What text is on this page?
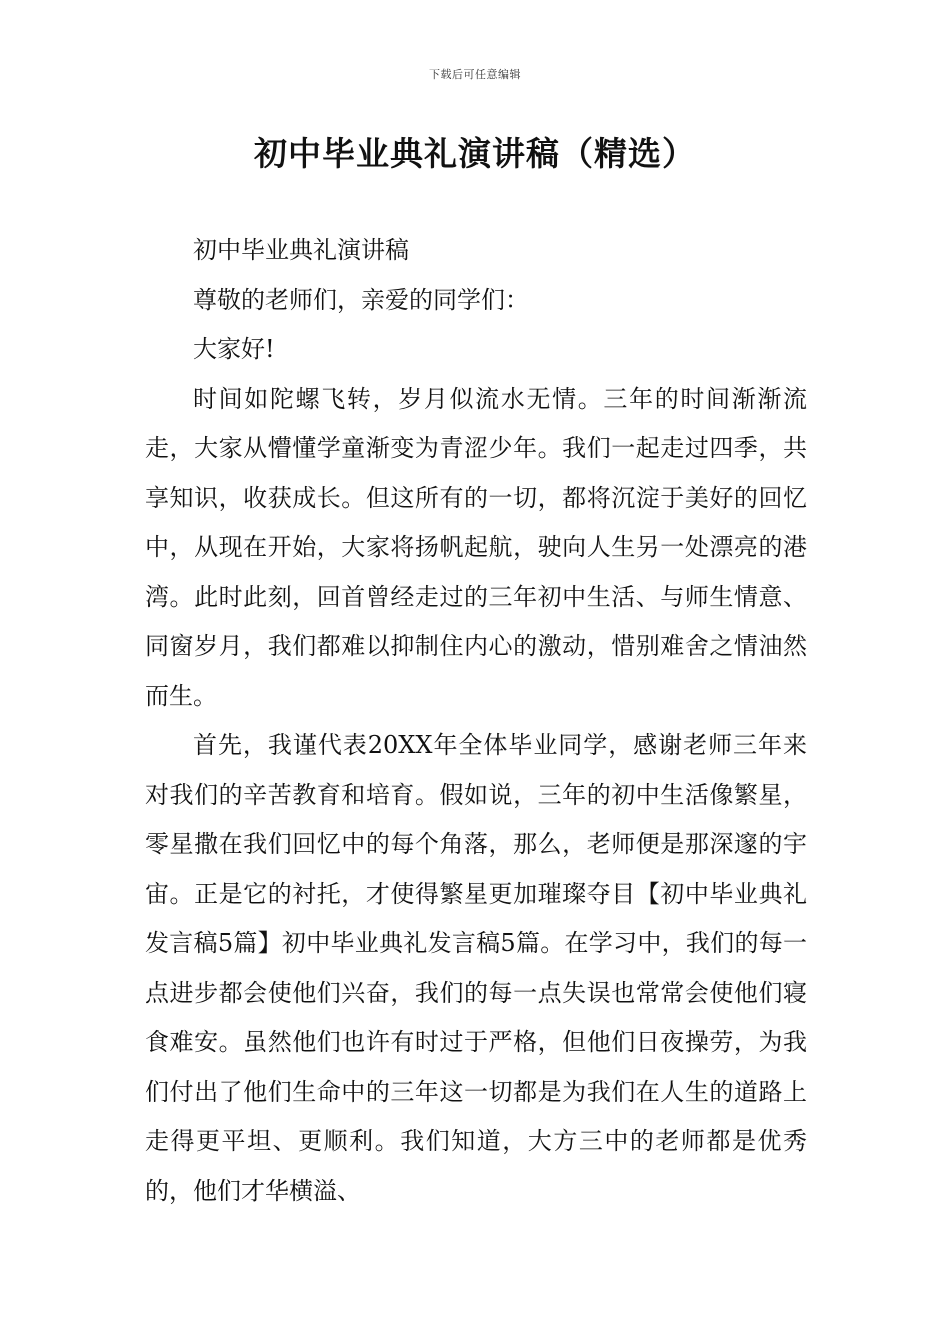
下载后可任意编辑
初中毕业典礼演讲稿（精选）

初中毕业典礼演讲稿

尊敬的老师们，亲爱的同学们：

大家好!

时间如陀螺飞转，岁月似流水无情。三年的时间渐渐流走，大家从懵懂学童渐变为青涩少年。我们一起走过四季，共享知识，收获成长。但这所有的一切，都将沉淀于美好的回忆中，从现在开始，大家将扬帆起航，驶向人生另一处漂亮的港湾。此时此刻，回首曾经走过的三年初中生活、与师生情意、同窗岁月，我们都难以抑制住内心的激动，惜别难舍之情油然而生。

首先，我谨代表20XX年全体毕业同学，感谢老师三年来对我们的辛苦教育和培育。假如说，三年的初中生活像繁星，零星撒在我们回忆中的每个角落，那么，老师便是那深邃的宇宙。正是它的衬托，才使得繁星更加璀璨夺目【初中毕业典礼发言稿5篇】初中毕业典礼发言稿5篇。在学习中，我们的每一点进步都会使他们兴奋，我们的每一点失误也常常会使他们寝食难安。虽然他们也许有时过于严格，但他们日夜操劳，为我们付出了他们生命中的三年这一切都是为我们在人生的道路上走得更平坦、更顺利。我们知道，大方三中的老师都是优秀的，他们才华横溢、
